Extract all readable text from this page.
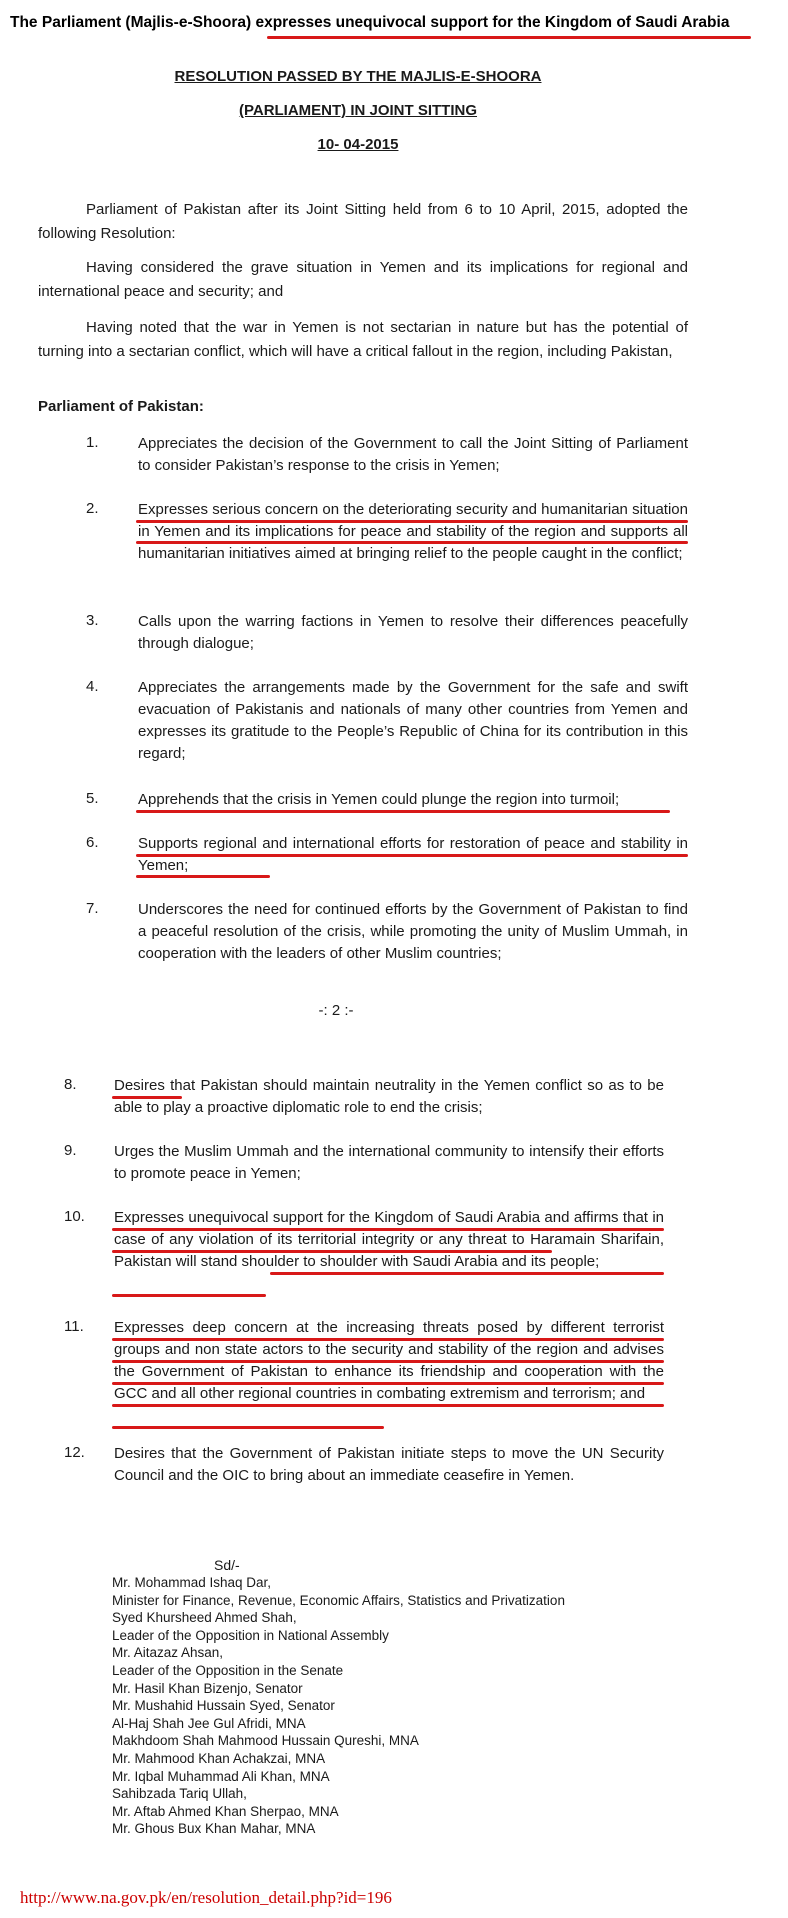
The Parliament (Majlis-e-Shoora) expresses unequivocal support for the Kingdom of Saudi Arabia
RESOLUTION PASSED BY THE MAJLIS-E-SHOORA
(PARLIAMENT) IN JOINT SITTING
10- 04-2015
Parliament of Pakistan after its Joint Sitting held from 6 to 10 April, 2015, adopted the following Resolution:
Having considered the grave situation in Yemen and its implications for regional and international peace and security; and
Having noted that the war in Yemen is not sectarian in nature but has the potential of turning into a sectarian conflict, which will have a critical fallout in the region, including Pakistan,
Parliament of Pakistan:
1.	Appreciates the decision of the Government to call the Joint Sitting of Parliament to consider Pakistan’s response to the crisis in Yemen;
2.	Expresses serious concern on the deteriorating security and humanitarian situation in Yemen and its implications for peace and stability of the region and supports all humanitarian initiatives aimed at bringing relief to the people caught in the conflict;
3.	Calls upon the warring factions in Yemen to resolve their differences peacefully through dialogue;
4.	Appreciates the arrangements made by the Government for the safe and swift evacuation of Pakistanis and nationals of many other countries from Yemen and expresses its gratitude to the People’s Republic of China for its contribution in this regard;
5.	Apprehends that the crisis in Yemen could plunge the region into turmoil;
6.	Supports regional and international efforts for restoration of peace and stability in Yemen;
7.	Underscores the need for continued efforts by the Government of Pakistan to find a peaceful resolution of the crisis, while promoting the unity of Muslim Ummah, in cooperation with the leaders of other Muslim countries;
-: 2 :-
8. Desires that Pakistan should maintain neutrality in the Yemen conflict so as to be able to play a proactive diplomatic role to end the crisis;
9. Urges the Muslim Ummah and the international community to intensify their efforts to promote peace in Yemen;
10. Expresses unequivocal support for the Kingdom of Saudi Arabia and affirms that in case of any violation of its territorial integrity or any threat to Haramain Sharifain, Pakistan will stand shoulder to shoulder with Saudi Arabia and its people;
11. Expresses deep concern at the increasing threats posed by different terrorist groups and non state actors to the security and stability of the region and advises the Government of Pakistan to enhance its friendship and cooperation with the GCC and all other regional countries in combating extremism and terrorism; and
12. Desires that the Government of Pakistan initiate steps to move the UN Security Council and the OIC to bring about an immediate ceasefire in Yemen.
Sd/-
Mr. Mohammad Ishaq Dar,
Minister for Finance, Revenue, Economic Affairs, Statistics and Privatization
Syed Khursheed Ahmed Shah,
Leader of the Opposition in National Assembly
Mr. Aitazaz Ahsan,
Leader of the Opposition in the Senate
Mr. Hasil Khan Bizenjo, Senator
Mr. Mushahid Hussain Syed, Senator
Al-Haj Shah Jee Gul Afridi, MNA
Makhdoom Shah Mahmood Hussain Qureshi, MNA
Mr. Mahmood Khan Achakzai, MNA
Mr. Iqbal Muhammad Ali Khan, MNA
Sahibzada Tariq Ullah,
Mr. Aftab Ahmed Khan Sherpao, MNA
Mr. Ghous Bux Khan Mahar, MNA
http://www.na.gov.pk/en/resolution_detail.php?id=196
